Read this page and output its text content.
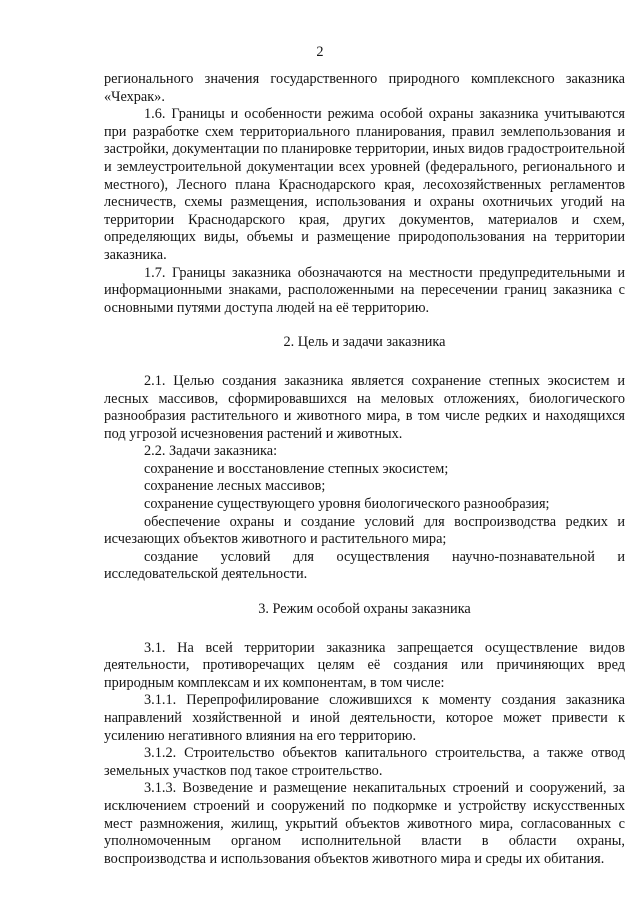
2

регионального значения государственного природного комплексного заказника «Чехрак».

1.6. Границы и особенности режима особой охраны заказника учитываются при разработке схем территориального планирования, правил землепользования и застройки, документации по планировке территории, иных видов градостроительной и землеустроительной документации всех уровней (федерального, регионального и местного), Лесного плана Краснодарского края, лесохозяйственных регламентов лесничеств, схемы размещения, использования и охраны охотничьих угодий на территории Краснодарского края, других документов, материалов и схем, определяющих виды, объемы и размещение природопользования на территории заказника.

1.7. Границы заказника обозначаются на местности предупредительными и информационными знаками, расположенными на пересечении границ заказника с основными путями доступа людей на её территорию.

2. Цель и задачи заказника

2.1. Целью создания заказника является сохранение степных экосистем и лесных массивов, сформировавшихся на меловых отложениях, биологического разнообразия растительного и животного мира, в том числе редких и находящихся под угрозой исчезновения растений и животных.

2.2. Задачи заказника:

сохранение и восстановление степных экосистем;

сохранение лесных массивов;

сохранение существующего уровня биологического разнообразия;

обеспечение охраны и создание условий для воспроизводства редких и исчезающих объектов животного и растительного мира;

создание условий для осуществления научно-познавательной и исследовательской деятельности.

3. Режим особой охраны заказника

3.1. На всей территории заказника запрещается осуществление видов деятельности, противоречащих целям её создания или причиняющих вред природным комплексам и их компонентам, в том числе:

3.1.1. Перепрофилирование сложившихся к моменту создания заказника направлений хозяйственной и иной деятельности, которое может привести к усилению негативного влияния на его территорию.

3.1.2. Строительство объектов капитального строительства, а также отвод земельных участков под такое строительство.

3.1.3. Возведение и размещение некапитальных строений и сооружений, за исключением строений и сооружений по подкормке и устройству искусственных мест размножения, жилищ, укрытий объектов животного мира, согласованных с уполномоченным органом исполнительной власти в области охраны, воспроизводства и использования объектов животного мира и среды их обитания.
